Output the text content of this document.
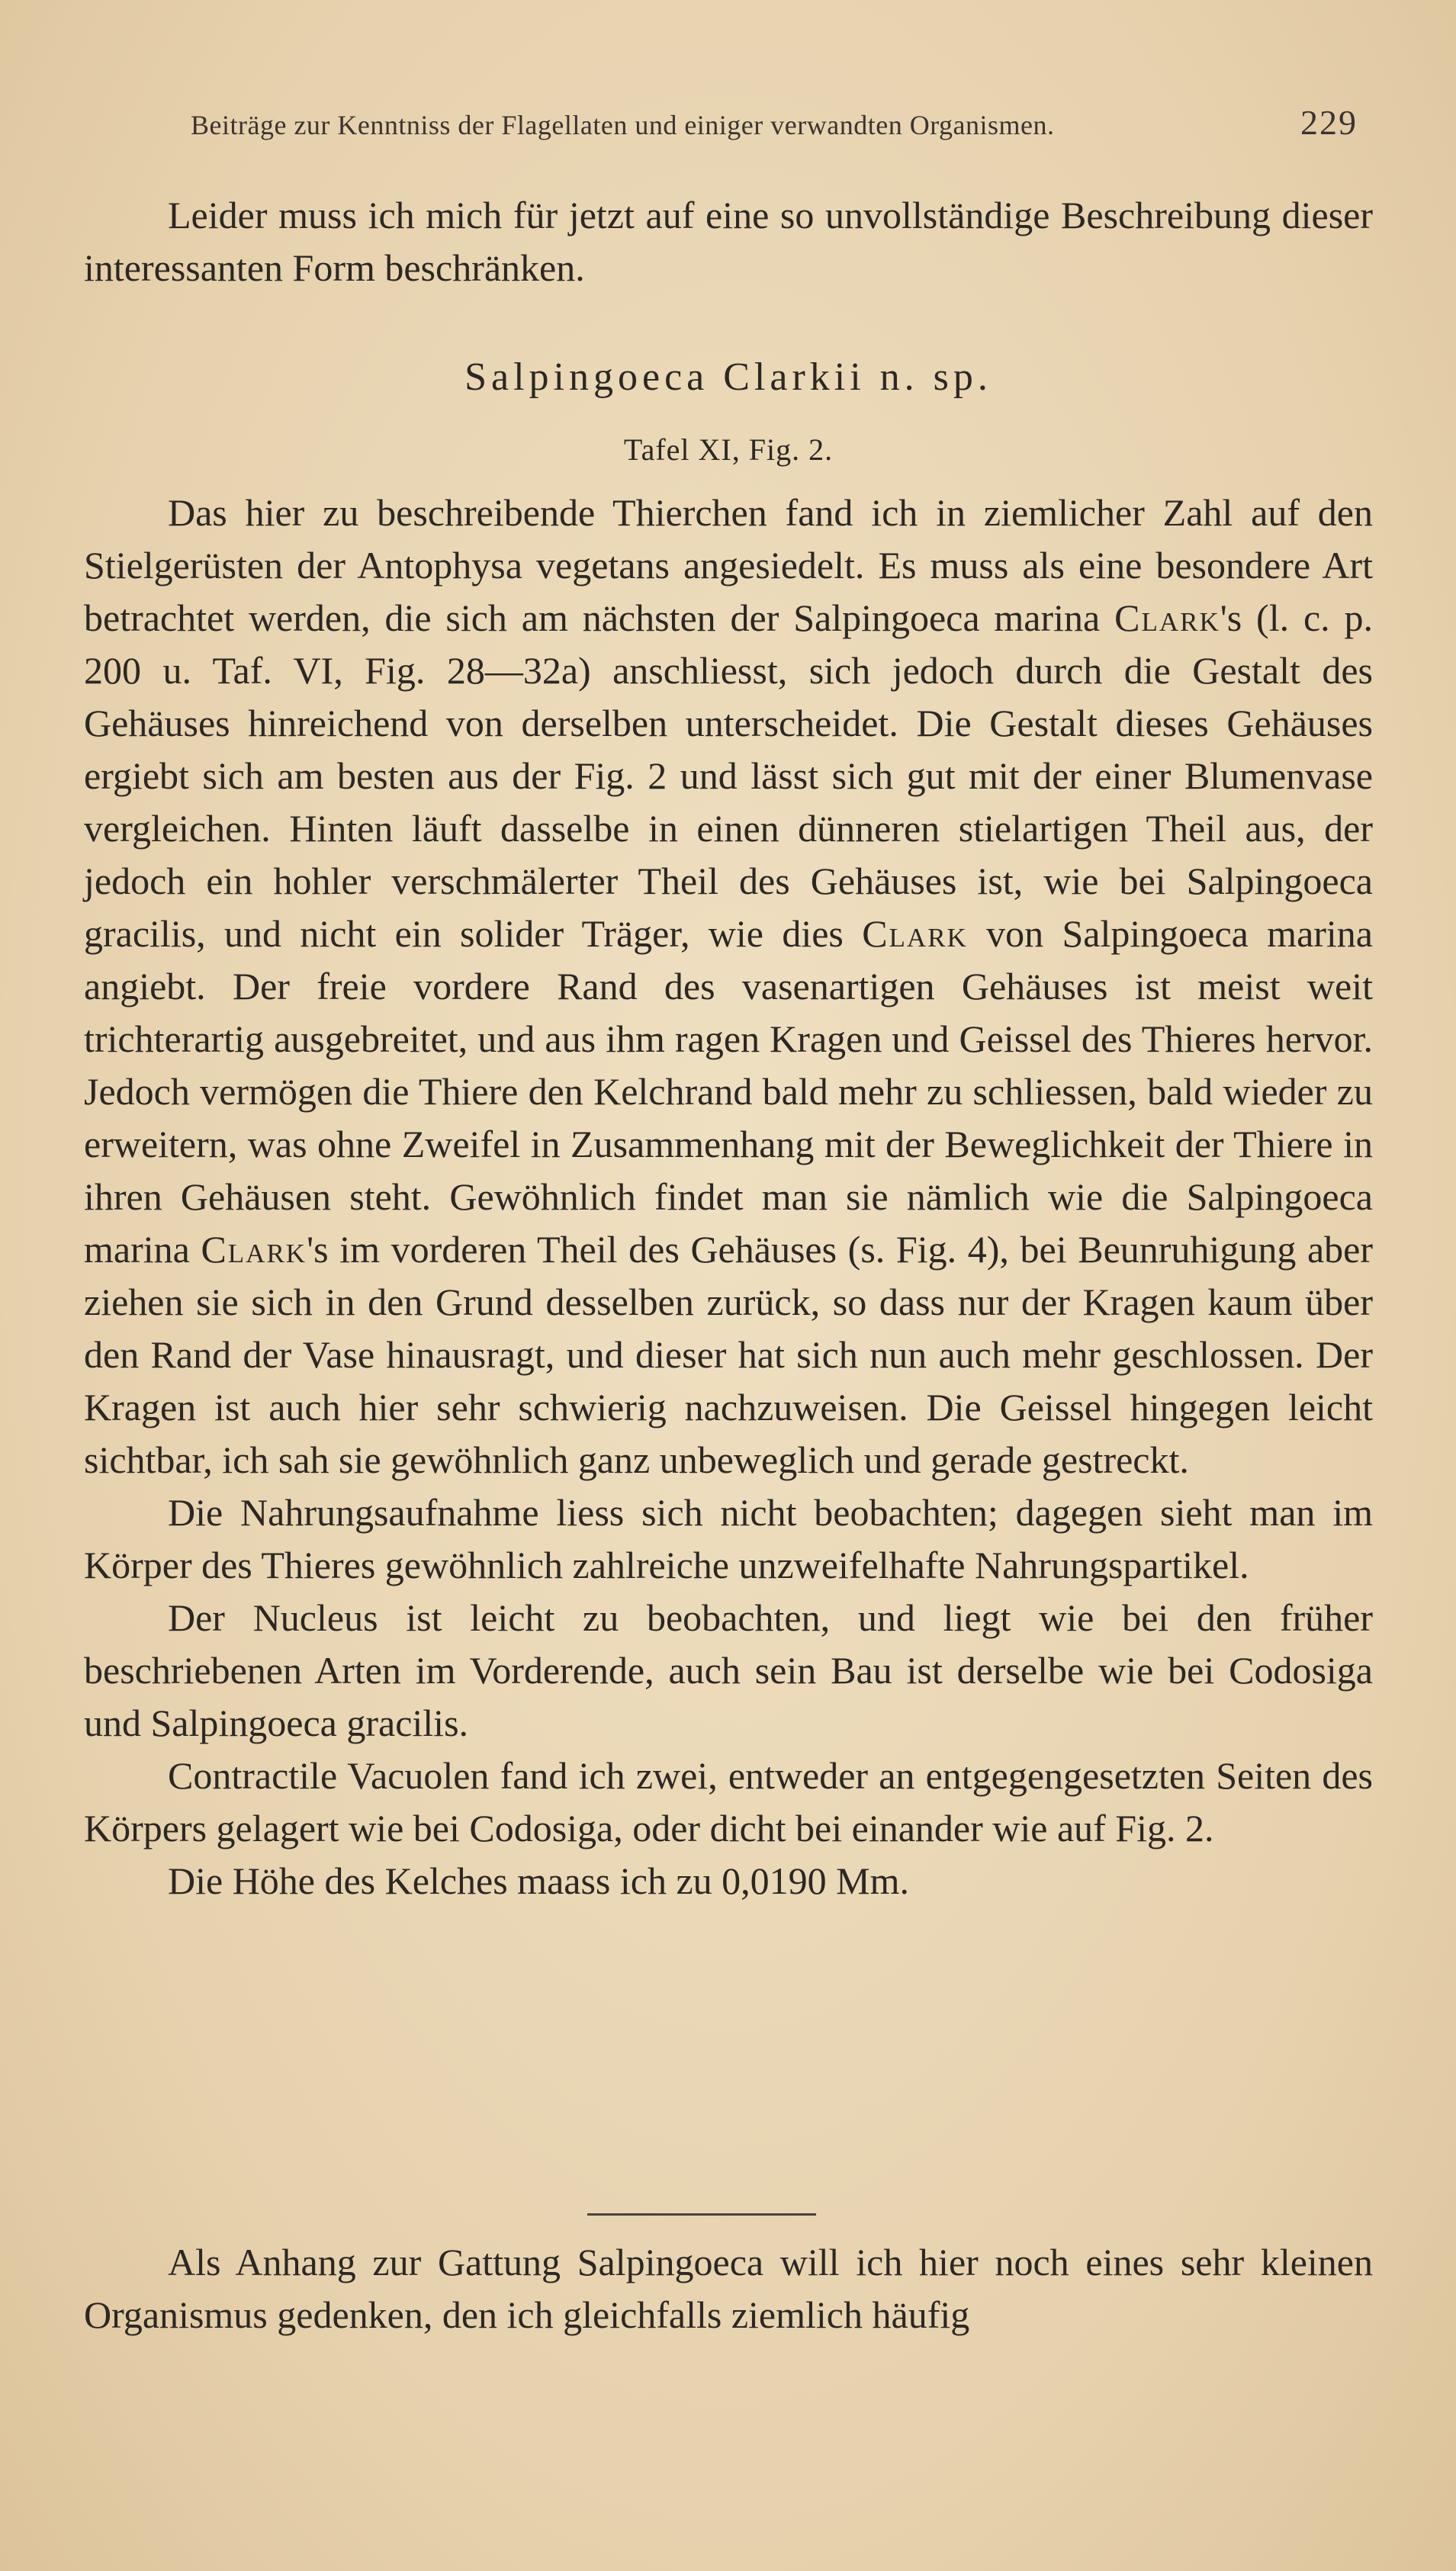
Beiträge zur Kenntniss der Flagellaten und einiger verwandten Organismen.	229

Leider muss ich mich für jetzt auf eine so unvollständige Beschreibung dieser interessanten Form beschränken.

Salpingoeca Clarkii n. sp.

Tafel XI, Fig. 2.

Das hier zu beschreibende Thierchen fand ich in ziemlicher Zahl auf den Stielgerüsten der Antophysa vegetans angesiedelt. Es muss als eine besondere Art betrachtet werden, die sich am nächsten der Salpingoeca marina Clark's (l. c. p. 200 u. Taf. VI, Fig. 28—32a) anschliesst, sich jedoch durch die Gestalt des Gehäuses hinreichend von derselben unterscheidet. Die Gestalt dieses Gehäuses ergiebt sich am besten aus der Fig. 2 und lässt sich gut mit der einer Blumenvase vergleichen. Hinten läuft dasselbe in einen dünneren stielartigen Theil aus, der jedoch ein hohler verschmälerter Theil des Gehäuses ist, wie bei Salpingoeca gracilis, und nicht ein solider Träger, wie dies Clark von Salpingoeca marina angiebt. Der freie vordere Rand des vasenartigen Gehäuses ist meist weit trichterartig ausgebreitet, und aus ihm ragen Kragen und Geissel des Thieres hervor. Jedoch vermögen die Thiere den Kelchrand bald mehr zu schliessen, bald wieder zu erweitern, was ohne Zweifel in Zusammenhang mit der Beweglichkeit der Thiere in ihren Gehäusen steht. Gewöhnlich findet man sie nämlich wie die Salpingoeca marina Clark's im vorderen Theil des Gehäuses (s. Fig. 4), bei Beunruhigung aber ziehen sie sich in den Grund desselben zurück, so dass nur der Kragen kaum über den Rand der Vase hinausragt, und dieser hat sich nun auch mehr geschlossen. Der Kragen ist auch hier sehr schwierig nachzuweisen. Die Geissel hingegen leicht sichtbar, ich sah sie gewöhnlich ganz unbeweglich und gerade gestreckt.

Die Nahrungsaufnahme liess sich nicht beobachten; dagegen sieht man im Körper des Thieres gewöhnlich zahlreiche unzweifelhafte Nahrungspartikel.

Der Nucleus ist leicht zu beobachten, und liegt wie bei den früher beschriebenen Arten im Vorderende, auch sein Bau ist derselbe wie bei Codosiga und Salpingoeca gracilis.

Contractile Vacuolen fand ich zwei, entweder an entgegengesetzten Seiten des Körpers gelagert wie bei Codosiga, oder dicht bei einander wie auf Fig. 2.

Die Höhe des Kelches maass ich zu 0,0190 Mm.

Als Anhang zur Gattung Salpingoeca will ich hier noch eines sehr kleinen Organismus gedenken, den ich gleichfalls ziemlich häufig
